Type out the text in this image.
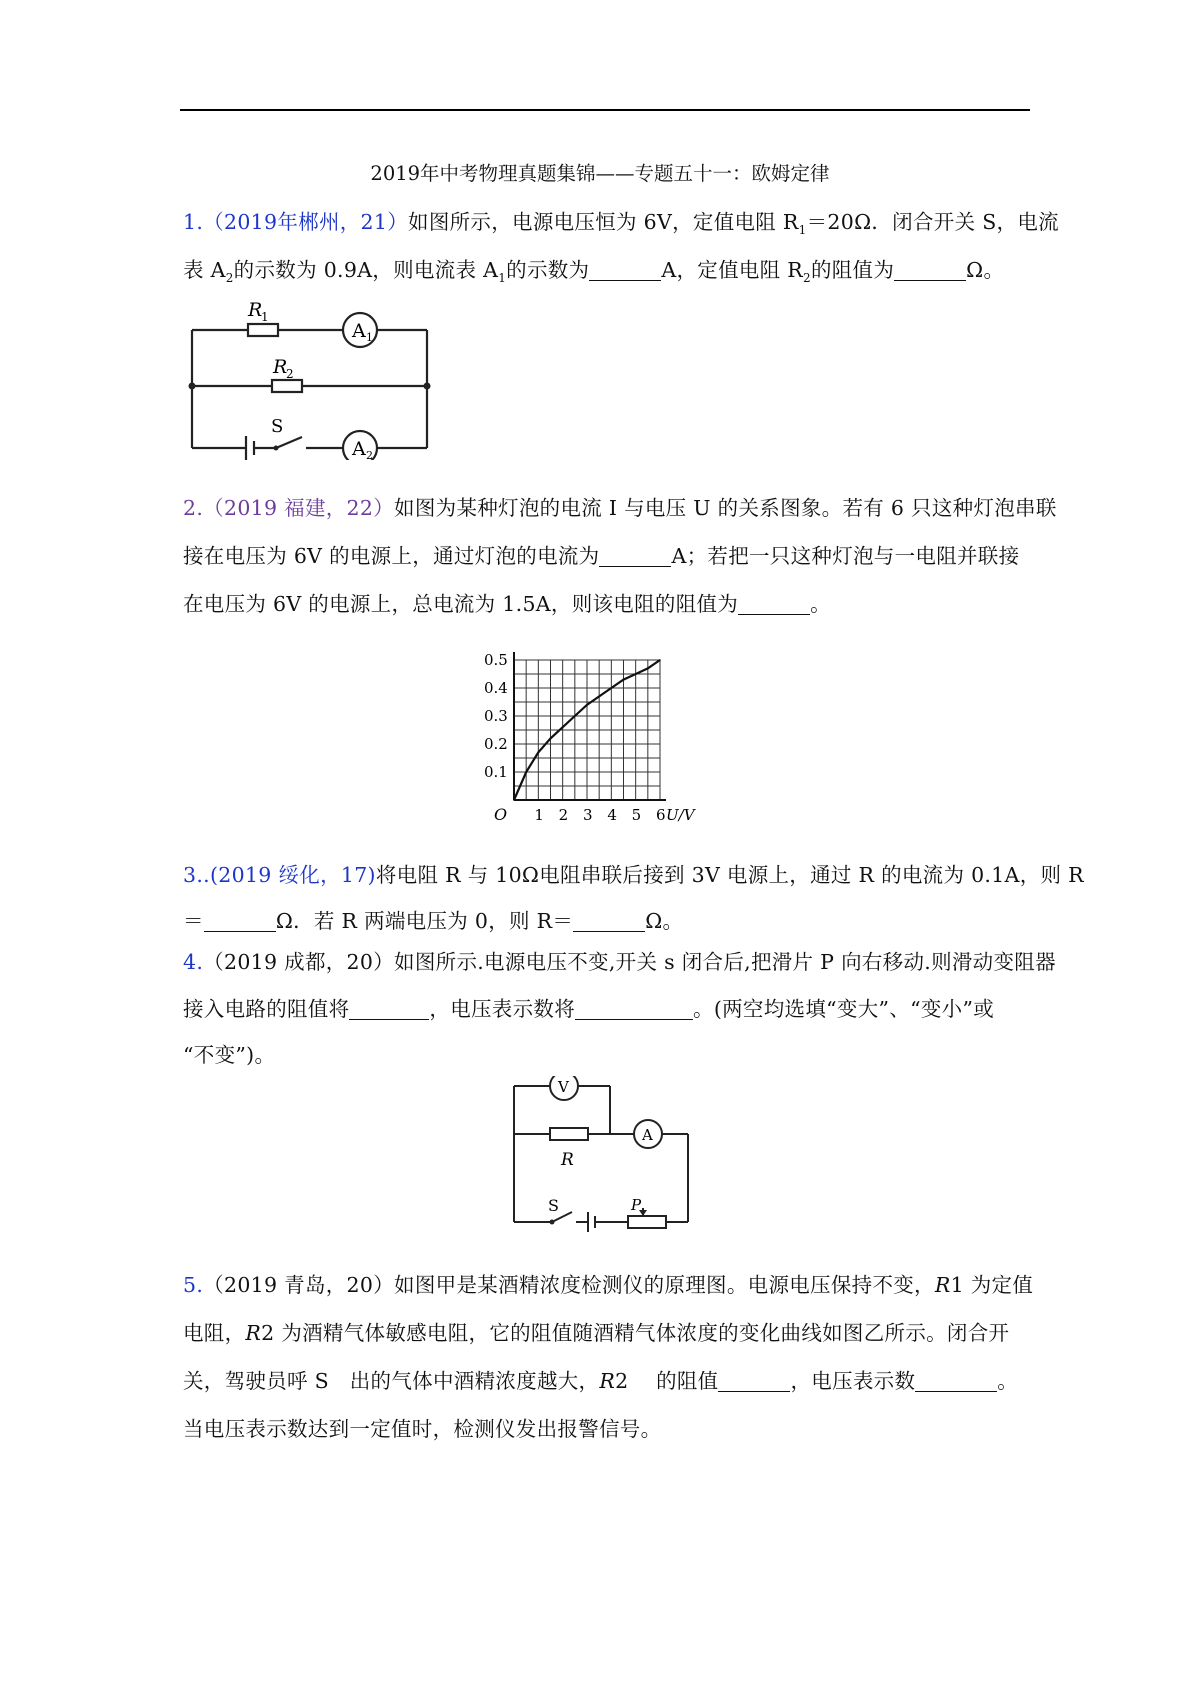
2019年中考物理真题集锦——专题五十一：欧姆定律
1.（2019年郴州，21）如图所示，电源电压恒为 6V，定值电阻 $R_1=20\Omega$．闭合开关 S，电流
表 $A_2$的示数为 0.9A，则电流表 $A_1$的示数为	A，定值电阻 $R_2$的阻值为	Ω。
R
1
R
2
A 1
A 2
S
2.（2019 福建，22）如图为某种灯泡的电流 I 与电压 U 的关系图象。若有 6 只这种灯泡串联
接在电压为 6V 的电源上，通过灯泡的电流为	A；若把一只这种灯泡与一电阻并联接
在电压为 6V 的电源上，总电流为 1.5A，则该电阻的阻值为	。
1 2 3 4 5 6
0.1
0.2
0.3
0.4
0.5
O	U/V
3..(2019 绥化，17)将电阻 R 与 10Ω电阻串联后接到 3V 电源上，通过 R 的电流为 0.1A，则 R
＝	Ω．若 R 两端电压为 0，则 R＝	Ω。
4.（2019 成都，20）如图所示.电源电压不变,开关 s 闭合后,把滑片 P 向右移动.则滑动变阻器
接入电路的阻值将	，电压表示数将	。(两空均选填“变大”、“变小”或
“不变”)。
V
A
R
S	P
5.（2019 青岛，20）如图甲是某酒精浓度检测仪的原理图。电源电压保持不变，R1 为定值
电阻，R2 为酒精气体敏感电阻，它的阻值随酒精气体浓度的变化曲线如图乙所示。闭合开
关，驾驶员呼 S　出的气体中酒精浓度越大，R2　 的阻值	，电压表示数	。
当电压表示数达到一定值时，检测仪发出报警信号。
